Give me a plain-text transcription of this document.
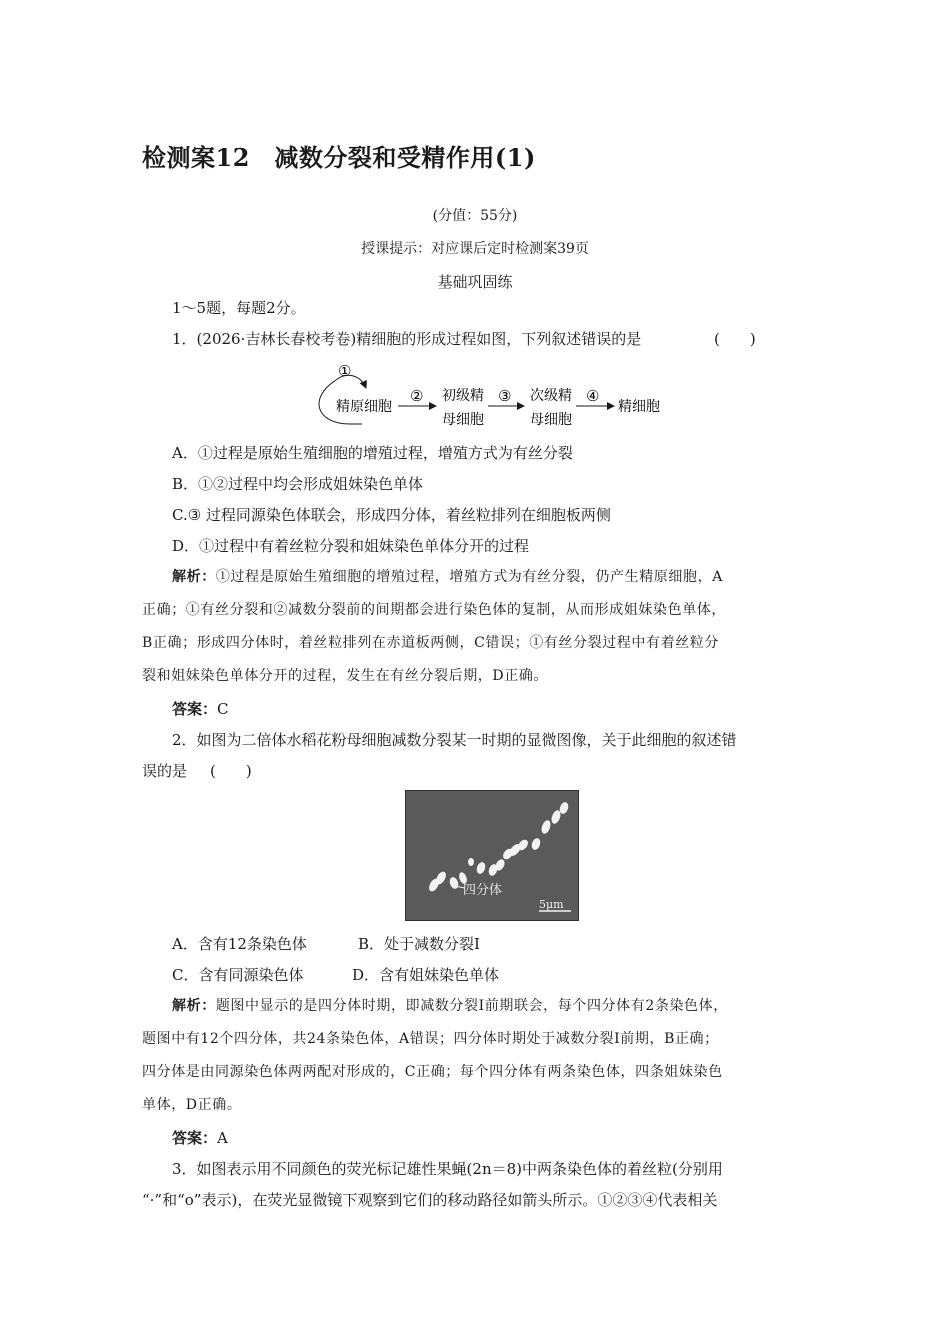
检测案12　减数分裂和受精作用(1)
(分值：55分)
授课提示：对应课后定时检测案39页
基础巩固练
1～5题，每题2分。
1．(2026·吉林长春校考卷)精细胞的形成过程如图，下列叙述错误的是	(　　)
①
精原细胞
② 初级精
母细胞
③ 次级精
母细胞
④
精细胞
A．①过程是原始生殖细胞的增殖过程，增殖方式为有丝分裂
B．①②过程中均会形成姐妹染色单体
C.③ 过程同源染色体联会，形成四分体，着丝粒排列在细胞板两侧
D．①过程中有着丝粒分裂和姐妹染色单体分开的过程
解析：①过程是原始生殖细胞的增殖过程，增殖方式为有丝分裂，仍产生精原细胞，A
正确；①有丝分裂和②减数分裂前的间期都会进行染色体的复制，从而形成姐妹染色单体，
B正确；形成四分体时，着丝粒排列在赤道板两侧，C错误；①有丝分裂过程中有着丝粒分
裂和姐妹染色单体分开的过程，发生在有丝分裂后期，D正确。
答案：C
2．如图为二倍体水稻花粉母细胞减数分裂某一时期的显微图像，关于此细胞的叙述错
误的是 (　　)
四分体
5μm
A．含有12条染色体	B．处于减数分裂Ⅰ
C．含有同源染色体	D．含有姐妹染色单体
解析：题图中显示的是四分体时期，即减数分裂Ⅰ前期联会，每个四分体有2条染色体，
题图中有12个四分体，共24条染色体，A错误；四分体时期处于减数分裂Ⅰ前期，B正确；
四分体是由同源染色体两两配对形成的，C正确；每个四分体有两条染色体，四条姐妹染色
单体，D正确。
答案：A
3．如图表示用不同颜色的荧光标记雄性果蝇(2n＝8)中两条染色体的着丝粒(分别用
“·”和“o”表示)，在荧光显微镜下观察到它们的移动路径如箭头所示。①②③④代表相关
